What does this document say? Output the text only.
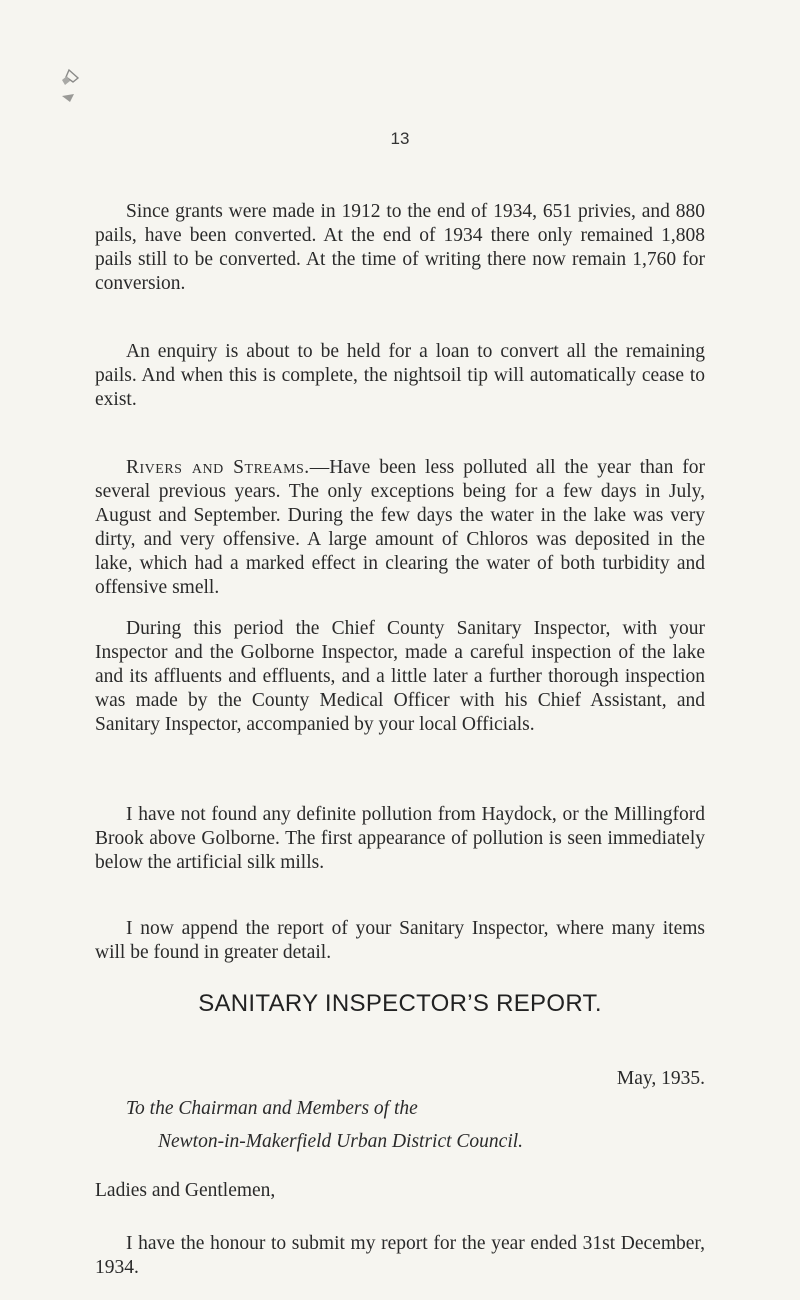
13

Since grants were made in 1912 to the end of 1934, 651 privies, and 880 pails, have been converted. At the end of 1934 there only remained 1,808 pails still to be converted. At the time of writing there now remain 1,760 for conversion.

An enquiry is about to be held for a loan to convert all the remaining pails. And when this is complete, the nightsoil tip will automatically cease to exist.

Rivers and Streams.—Have been less polluted all the year than for several previous years. The only exceptions being for a few days in July, August and September. During the few days the water in the lake was very dirty, and very offensive. A large amount of Chloros was deposited in the lake, which had a marked effect in clearing the water of both turbidity and offensive smell.

During this period the Chief County Sanitary Inspector, with your Inspector and the Golborne Inspector, made a careful inspection of the lake and its affluents and effluents, and a little later a further thorough inspection was made by the County Medical Officer with his Chief Assistant, and Sanitary Inspector, accompanied by your local Officials.

I have not found any definite pollution from Haydock, or the Millingford Brook above Golborne. The first appearance of pollution is seen immediately below the artificial silk mills.

I now append the report of your Sanitary Inspector, where many items will be found in greater detail.

SANITARY INSPECTOR’S REPORT.
May, 1935.
To the Chairman and Members of the
Newton-in-Makerfield Urban District Council.
Ladies and Gentlemen,

I have the honour to submit my report for the year ended 31st December, 1934.
